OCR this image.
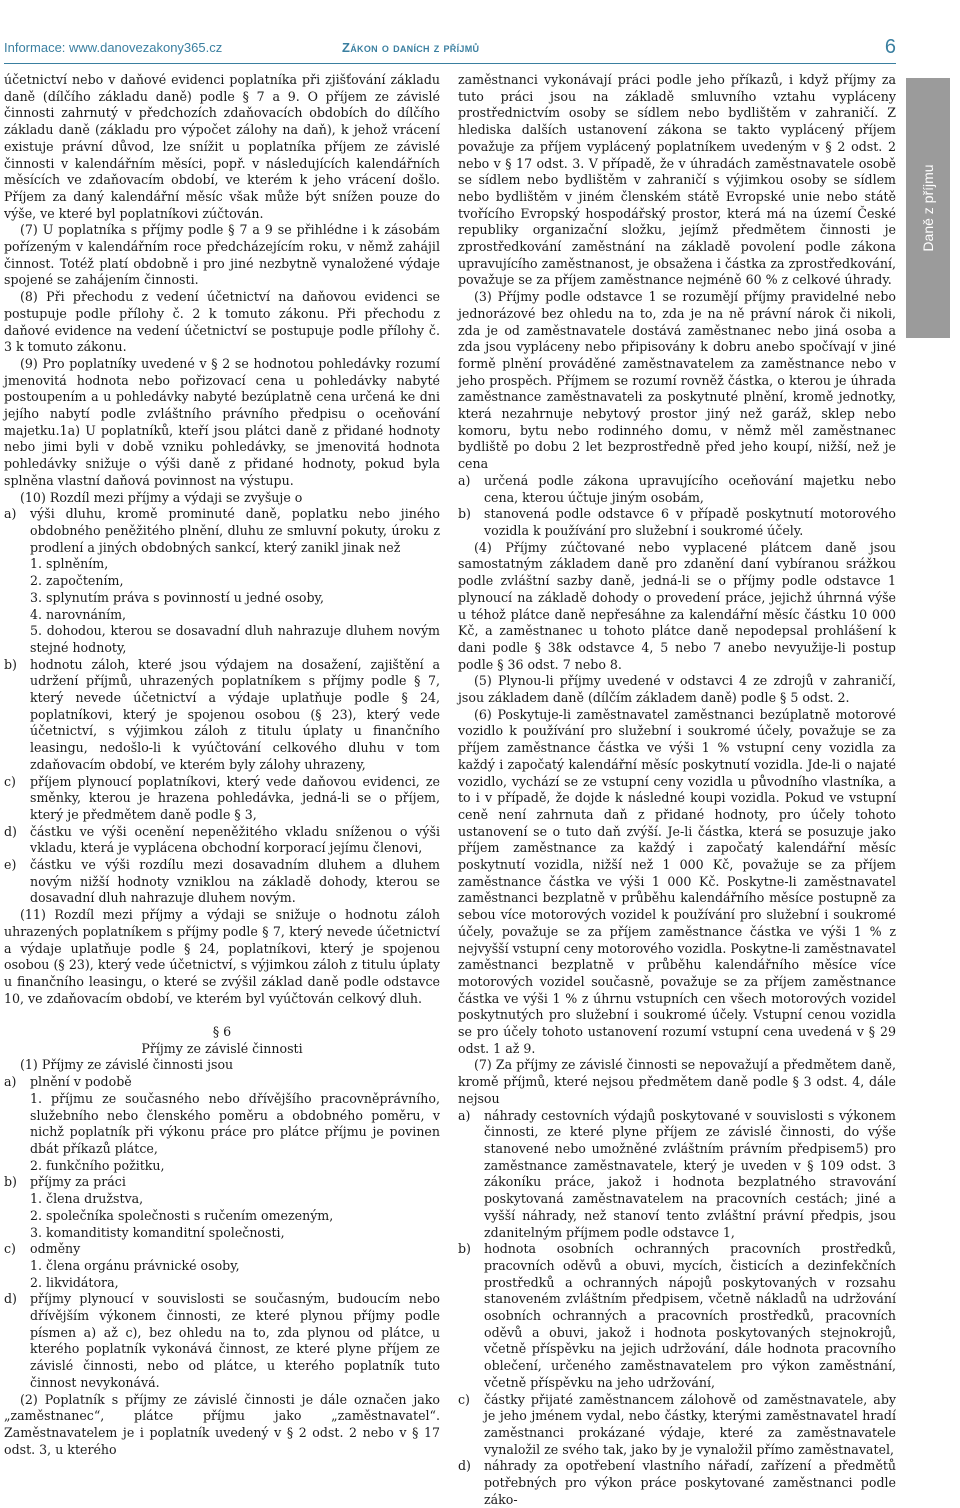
Informace: www.danovezakony365.cz	Zákon o daních z příjmů	6
Daně z příjmu

účetnictví nebo v daňové evidenci poplatníka při zjišťování základu daně (dílčího základu daně) podle § 7 a 9. O příjem ze závislé činnosti zahrnutý v předchozích zdaňovacích obdobích do dílčího základu daně (základu pro výpočet zálohy na daň), k jehož vrácení existuje právní důvod, lze snížit u poplatníka příjem ze závislé činnosti v kalendářním měsíci, popř. v následujících kalendářních měsících ve zdaňovacím období, ve kterém k jeho vrácení došlo. Příjem za daný kalendářní měsíc však může být snížen pouze do výše, ve které byl poplatníkovi zúčtován.

(7) U poplatníka s příjmy podle § 7 a 9 se přihlédne i k zásobám pořízeným v kalendářním roce předcházejícím roku, v němž zahájil činnost. Totéž platí obdobně i pro jiné nezbytně vynaložené výdaje spojené se zahájením činnosti.

(8) Při přechodu z vedení účetnictví na daňovou evidenci se postupuje podle přílohy č. 2 k tomuto zákonu. Při přechodu z daňové evidence na vedení účetnictví se postupuje podle přílohy č. 3 k tomuto zákonu.

(9) Pro poplatníky uvedené v § 2 se hodnotou pohledávky rozumí jmenovitá hodnota nebo pořizovací cena u pohledávky nabyté postoupením a u pohledávky nabyté bezúplatně cena určená ke dni jejího nabytí podle zvláštního právního předpisu o oceňování majetku.1a) U poplatníků, kteří jsou plátci daně z přidané hodnoty nebo jimi byli v době vzniku pohledávky, se jmenovitá hodnota pohledávky snižuje o výši daně z přidané hodnoty, pokud byla splněna vlastní daňová povinnost na výstupu.

(10) Rozdíl mezi příjmy a výdaji se zvyšuje o

a)	výši dluhu, kromě prominuté daně, poplatku nebo jiného obdobného peněžitého plnění, dluhu ze smluvní pokuty, úroku z prodlení a jiných obdobných sankcí, který zanikl jinak než

1. splněním,

2. započtením,

3. splynutím práva s povinností u jedné osoby,

4. narovnáním,

5. dohodou, kterou se dosavadní dluh nahrazuje dluhem novým stejné hodnoty,

b)	hodnotu záloh, které jsou výdajem na dosažení, zajištění a udržení příjmů, uhrazených poplatníkem s příjmy podle § 7, který nevede účetnictví a výdaje uplatňuje podle § 24, poplatníkovi, který je spojenou osobou (§ 23), který vede účetnictví, s výjimkou záloh z titulu úplaty u finančního leasingu, nedošlo-li k vyúčtování celkového dluhu v tom zdaňovacím období, ve kterém byly zálohy uhrazeny,
c)	příjem plynoucí poplatníkovi, který vede daňovou evidenci, ze směnky, kterou je hrazena pohledávka, jedná-li se o příjem, který je předmětem daně podle § 3,
d)	částku ve výši ocenění nepeněžitého vkladu sníženou o výši vkladu, která je vyplácena obchodní korporací jejímu členovi,
e)	částku ve výši rozdílu mezi dosavadním dluhem a dluhem novým nižší hodnoty vzniklou na základě dohody, kterou se dosavadní dluh nahrazuje dluhem novým.

(11) Rozdíl mezi příjmy a výdaji se snižuje o hodnotu záloh uhrazených poplatníkem s příjmy podle § 7, který nevede účetnictví a výdaje uplatňuje podle § 24, poplatníkovi, který je spojenou osobou (§ 23), který vede účetnictví, s výjimkou záloh z titulu úplaty u finančního leasingu, o které se zvýšil základ daně podle odstavce 10, ve zdaňovacím období, ve kterém byl vyúčtován celkový dluh.

§ 6

Příjmy ze závislé činnosti

(1) Příjmy ze závislé činnosti jsou

a)	plnění v podobě

1. příjmu ze současného nebo dřívějšího pracovněprávního, služebního nebo členského poměru a obdobného poměru, v nichž poplatník při výkonu práce pro plátce příjmu je povinen dbát příkazů plátce,

2. funkčního požitku,

b)	příjmy za práci

1. člena družstva,

2. společníka společnosti s ručením omezeným,

3. komanditisty komanditní společnosti,

c)	odměny

1. člena orgánu právnické osoby,

2. likvidátora,

d)	příjmy plynoucí v souvislosti se současným, budoucím nebo dřívějším výkonem činnosti, ze které plynou příjmy podle písmen a) až c), bez ohledu na to, zda plynou od plátce, u kterého poplatník vykonává činnost, ze které plyne příjem ze závislé činnosti, nebo od plátce, u kterého poplatník tuto činnost nevykonává.

(2) Poplatník s příjmy ze závislé činnosti je dále označen jako „zaměstnanec“, plátce příjmu jako „zaměstnavatel“. Zaměstnavatelem je i poplatník uvedený v § 2 odst. 2 nebo v § 17 odst. 3, u kterého

zaměstnanci vykonávají práci podle jeho příkazů, i když příjmy za tuto práci jsou na základě smluvního vztahu vypláceny prostřednictvím osoby se sídlem nebo bydlištěm v zahraničí. Z hlediska dalších ustanovení zákona se takto vyplácený příjem považuje za příjem vyplácený poplatníkem uvedeným v § 2 odst. 2 nebo v § 17 odst. 3. V případě, že v úhradách zaměstnavatele osobě se sídlem nebo bydlištěm v zahraničí s výjimkou osoby se sídlem nebo bydlištěm v jiném členském státě Evropské unie nebo státě tvořícího Evropský hospodářský prostor, která má na území České republiky organizační složku, jejímž předmětem činnosti je zprostředkování zaměstnání na základě povolení podle zákona upravujícího zaměstnanost, je obsažena i částka za zprostředkování, považuje se za příjem zaměstnance nejméně 60 % z celkové úhrady.

(3) Příjmy podle odstavce 1 se rozumějí příjmy pravidelné nebo jednorázové bez ohledu na to, zda je na ně právní nárok či nikoli, zda je od zaměstnavatele dostává zaměstnanec nebo jiná osoba a zda jsou vypláceny nebo připisovány k dobru anebo spočívají v jiné formě plnění prováděné zaměstnavatelem za zaměstnance nebo v jeho prospěch. Příjmem se rozumí rovněž částka, o kterou je úhrada zaměstnance zaměstnavateli za poskytnuté plnění, kromě jednotky, která nezahrnuje nebytový prostor jiný než garáž, sklep nebo komoru, bytu nebo rodinného domu, v němž měl zaměstnanec bydliště po dobu 2 let bezprostředně před jeho koupí, nižší, než je cena

a)	určená podle zákona upravujícího oceňování majetku nebo cena, kterou účtuje jiným osobám,
b)	stanovená podle odstavce 6 v případě poskytnutí motorového vozidla k používání pro služební i soukromé účely.

(4) Příjmy zúčtované nebo vyplacené plátcem daně jsou samostatným základem daně pro zdanění daní vybíranou srážkou podle zvláštní sazby daně, jedná-li se o příjmy podle odstavce 1 plynoucí na základě dohody o provedení práce, jejichž úhrnná výše u téhož plátce daně nepřesáhne za kalendářní měsíc částku 10 000 Kč, a zaměstnanec u tohoto plátce daně nepodepsal prohlášení k dani podle § 38k odstavce 4, 5 nebo 7 anebo nevyužije-li postup podle § 36 odst. 7 nebo 8.

(5) Plynou-li příjmy uvedené v odstavci 4 ze zdrojů v zahraničí, jsou základem daně (dílčím základem daně) podle § 5 odst. 2.

(6) Poskytuje-li zaměstnavatel zaměstnanci bezúplatně motorové vozidlo k používání pro služební i soukromé účely, považuje se za příjem zaměstnance částka ve výši 1 % vstupní ceny vozidla za každý i započatý kalendářní měsíc poskytnutí vozidla. Jde-li o najaté vozidlo, vychází se ze vstupní ceny vozidla u původního vlastníka, a to i v případě, že dojde k následné koupi vozidla. Pokud ve vstupní ceně není zahrnuta daň z přidané hodnoty, pro účely tohoto ustanovení se o tuto daň zvýší. Je-li částka, která se posuzuje jako příjem zaměstnance za každý i započatý kalendářní měsíc poskytnutí vozidla, nižší než 1 000 Kč, považuje se za příjem zaměstnance částka ve výši 1 000 Kč. Poskytne-li zaměstnavatel zaměstnanci bezplatně v průběhu kalendářního měsíce postupně za sebou více motorových vozidel k používání pro služební i soukromé účely, považuje se za příjem zaměstnance částka ve výši 1 % z nejvyšší vstupní ceny motorového vozidla. Poskytne-li zaměstnavatel zaměstnanci bezplatně v průběhu kalendářního měsíce více motorových vozidel současně, považuje se za příjem zaměstnance částka ve výši 1 % z úhrnu vstupních cen všech motorových vozidel poskytnutých pro služební i soukromé účely. Vstupní cenou vozidla se pro účely tohoto ustanovení rozumí vstupní cena uvedená v § 29 odst. 1 až 9.

(7) Za příjmy ze závislé činnosti se nepovažují a předmětem daně, kromě příjmů, které nejsou předmětem daně podle § 3 odst. 4, dále nejsou

a)	náhrady cestovních výdajů poskytované v souvislosti s výkonem činnosti, ze které plyne příjem ze závislé činnosti, do výše stanovené nebo umožněné zvláštním právním předpisem5) pro zaměstnance zaměstnavatele, který je uveden v § 109 odst. 3 zákoníku práce, jakož i hodnota bezplatného stravování poskytovaná zaměstnavatelem na pracovních cestách; jiné a vyšší náhrady, než stanoví tento zvláštní právní předpis, jsou zdanitelným příjmem podle odstavce 1,
b)	hodnota osobních ochranných pracovních prostředků, pracovních oděvů a obuvi, mycích, čisticích a dezinfekčních prostředků a ochranných nápojů poskytovaných v rozsahu stanoveném zvláštním předpisem, včetně nákladů na udržování osobních ochranných a pracovních prostředků, pracovních oděvů a obuvi, jakož i hodnota poskytovaných stejnokrojů, včetně příspěvku na jejich udržování, dále hodnota pracovního oblečení, určeného zaměstnavatelem pro výkon zaměstnání, včetně příspěvku na jeho udržování,
c)	částky přijaté zaměstnancem zálohově od zaměstnavatele, aby je jeho jménem vydal, nebo částky, kterými zaměstnavatel hradí zaměstnanci prokázané výdaje, které za zaměstnavatele vynaložil ze svého tak, jako by je vynaložil přímo zaměstnavatel,
d)	náhrady za opotřebení vlastního nářadí, zařízení a předmětů potřebných pro výkon práce poskytované zaměstnanci podle záko-
